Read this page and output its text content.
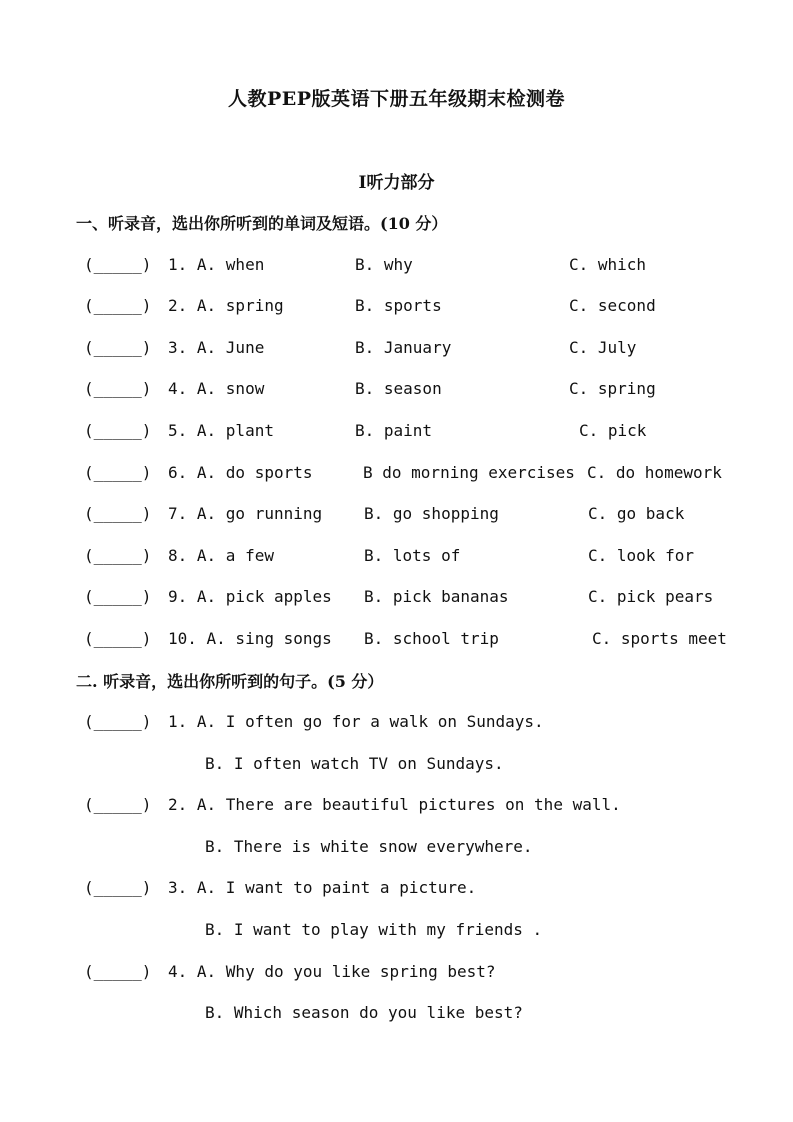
人教PEP版英语下册五年级期末检测卷
I听力部分
一、听录音，选出你所听到的单词及短语。(10 分）
(_____) 1. A. when	B. why	C. which
(_____) 2. A. spring	B. sports	C. second
(_____) 3. A. June	B. January	C. July
(_____) 4. A. snow	B. season	C. spring
(_____) 5. A. plant	B. paint	C. pick
(_____) 6. A. do sports	B do morning exercises C. do homework
(_____) 7. A. go running	B. go shopping	C. go back
(_____) 8. A. a few	B. lots of	C. look for
(_____) 9. A. pick apples B. pick bananas	C. pick pears
(_____) 10. A. sing songs B. school trip	C. sports meet
二. 听录音，选出你所听到的句子。(5 分）
(_____) 1. A. I often go for a walk on Sundays.
B. I often watch TV on Sundays.
(_____) 2. A. There are beautiful pictures on the wall.
B. There is white snow everywhere.
(_____) 3. A. I want to paint a picture.
B. I want to play with my friends .
(_____) 4. A. Why do you like spring best?
B. Which season do you like best?
